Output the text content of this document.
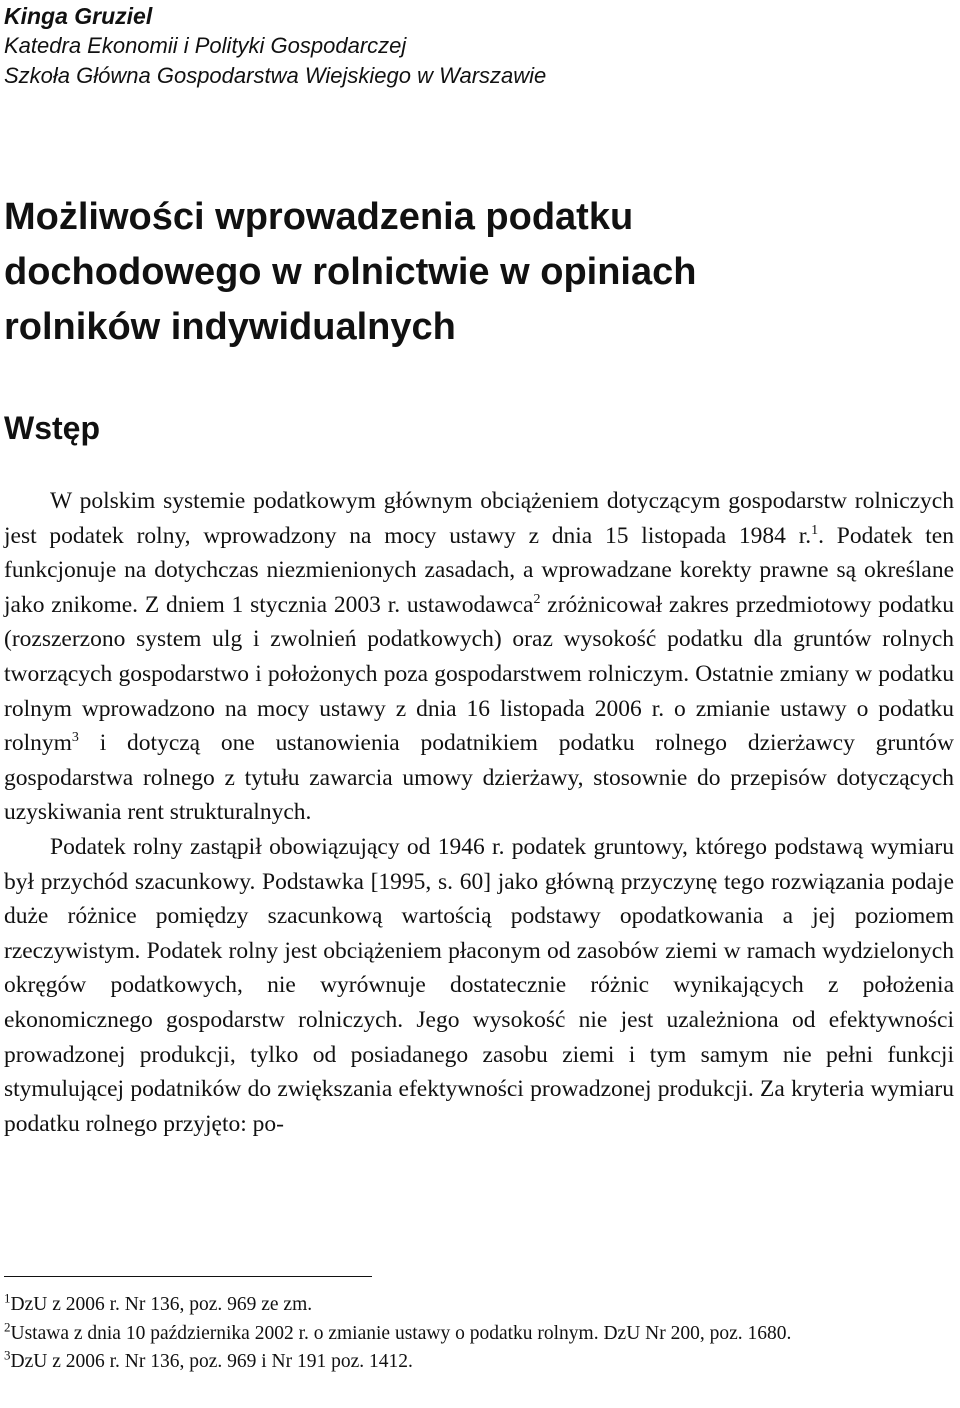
Kinga Gruziel
Katedra Ekonomii i Polityki Gospodarczej
Szkoła Główna Gospodarstwa Wiejskiego w Warszawie
Możliwości wprowadzenia podatku
dochodowego w rolnictwie w opiniach
rolników indywidualnych
Wstęp

W polskim systemie podatkowym głównym obciążeniem dotyczącym gospodarstw rolniczych jest podatek rolny, wprowadzony na mocy ustawy z dnia 15 listopada 1984 r.$^1$. Podatek ten funkcjonuje na dotychczas niezmienionych zasadach, a wprowadzane korekty prawne są określane jako znikome. Z dniem 1 stycznia 2003 r. ustawodawca$^2$ zróżnicował zakres przedmiotowy podatku (rozszerzono system ulg i zwolnień podatkowych) oraz wysokość podatku dla gruntów rolnych tworzących gospodarstwo i położonych poza gospodarstwem rolniczym. Ostatnie zmiany w podatku rolnym wprowadzono na mocy ustawy z dnia 16 listopada 2006 r. o zmianie ustawy o podatku rolnym$^3$ i dotyczą one ustanowienia podatnikiem podatku rolnego dzierżawcy gruntów gospodarstwa rolnego z tytułu zawarcia umowy dzierżawy, stosownie do przepisów dotyczących uzyskiwania rent strukturalnych.

Podatek rolny zastąpił obowiązujący od 1946 r. podatek gruntowy, którego podstawą wymiaru był przychód szacunkowy. Podstawka [1995, s. 60] jako główną przyczynę tego rozwiązania podaje duże różnice pomiędzy szacunkową wartością podstawy opodatkowania a jej poziomem rzeczywistym. Podatek rolny jest obciążeniem płaconym od zasobów ziemi w ramach wydzielonych okręgów podatkowych, nie wyrównuje dostatecznie różnic wynikających z położenia ekonomicznego gospodarstw rolniczych. Jego wysokość nie jest uzależniona od efektywności prowadzonej produkcji, tylko od posiadanego zasobu ziemi i tym samym nie pełni funkcji stymulującej podatników do zwiększania efektywności prowadzonej produkcji. Za kryteria wymiaru podatku rolnego przyjęto: po-

$^1$DzU z 2006 r. Nr 136, poz. 969 ze zm.

$^2$Ustawa z dnia 10 października 2002 r. o zmianie ustawy o podatku rolnym. DzU Nr 200, poz. 1680.

$^3$DzU z 2006 r. Nr 136, poz. 969 i Nr 191 poz. 1412.
